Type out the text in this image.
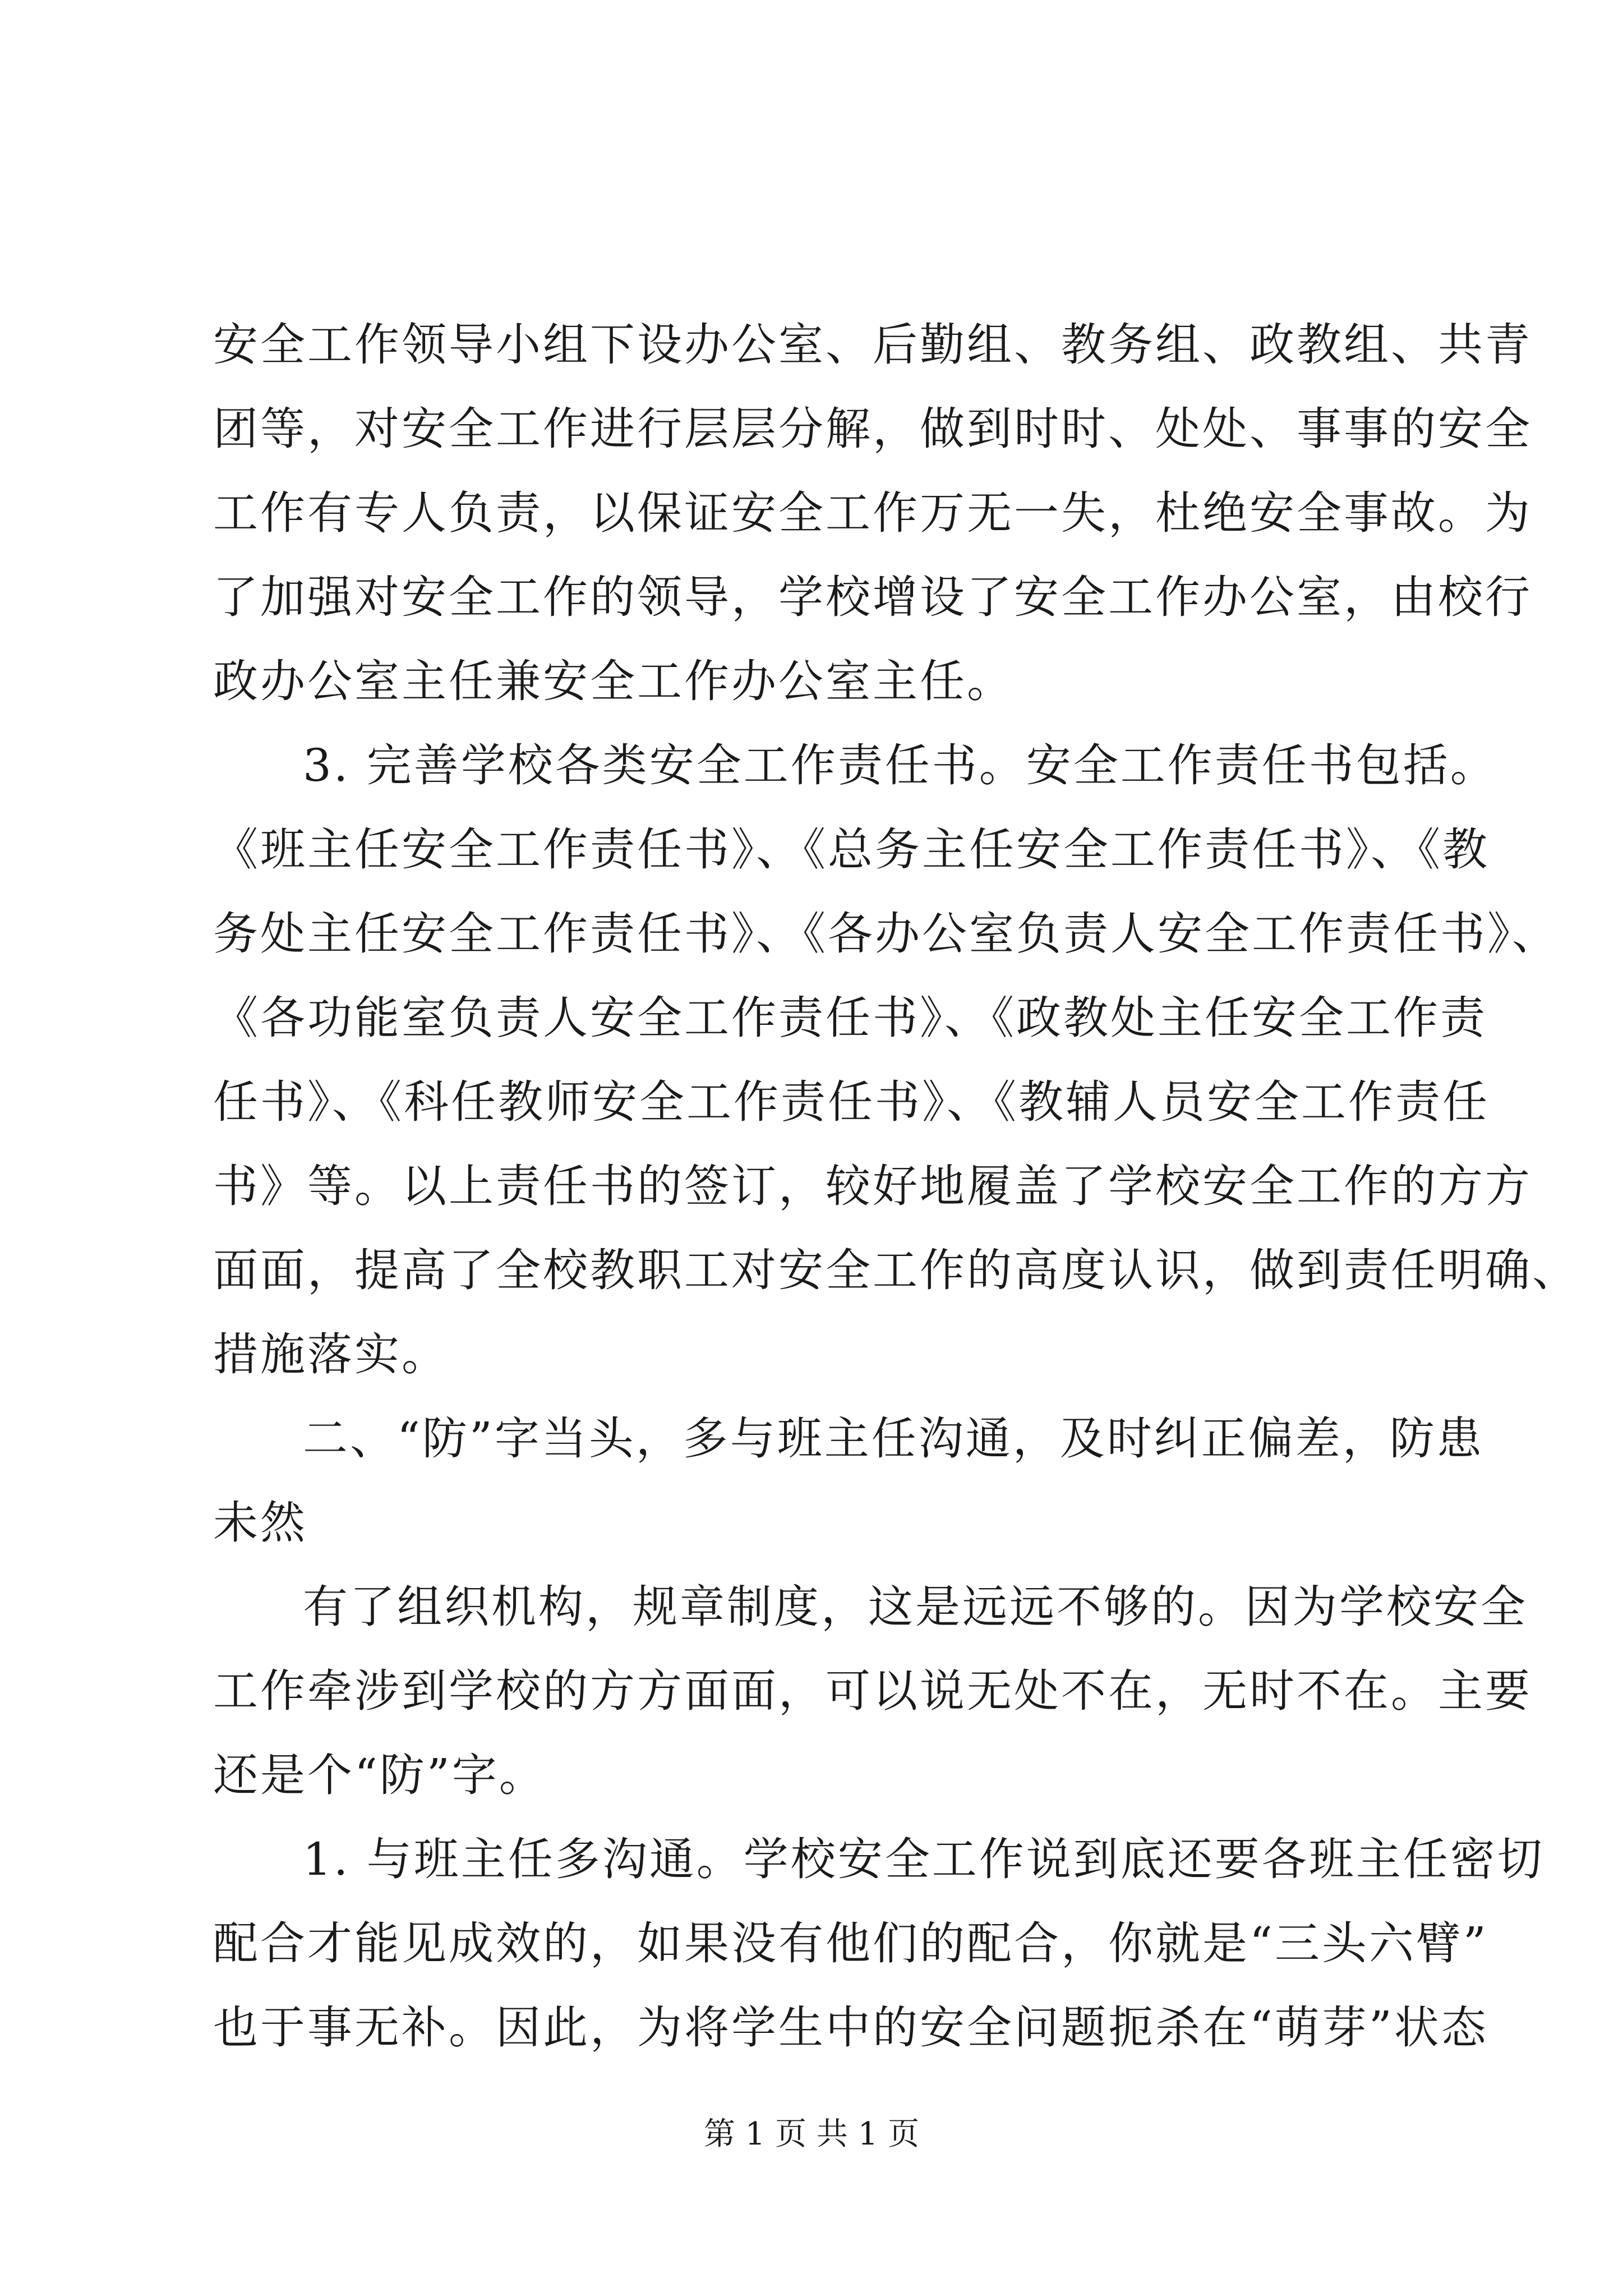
安全工作领导小组下设办公室、后勤组、教务组、政教组、共青
团等，对安全工作进行层层分解，做到时时、处处、事事的安全
工作有专人负责，以保证安全工作万无一失，杜绝安全事故。为
了加强对安全工作的领导，学校增设了安全工作办公室，由校行
政办公室主任兼安全工作办公室主任。
3. 完善学校各类安全工作责任书。安全工作责任书包括。
《班主任安全工作责任书》、《总务主任安全工作责任书》、《教
务处主任安全工作责任书》、《各办公室负责人安全工作责任书》、
《各功能室负责人安全工作责任书》、《政教处主任安全工作责
任书》、《科任教师安全工作责任书》、《教辅人员安全工作责任
书》等。以上责任书的签订，较好地履盖了学校安全工作的方方
面面，提高了全校教职工对安全工作的高度认识，做到责任明确、
措施落实。
二、“防”字当头，多与班主任沟通，及时纠正偏差，防患
未然
有了组织机构，规章制度，这是远远不够的。因为学校安全
工作牵涉到学校的方方面面，可以说无处不在，无时不在。主要
还是个“防”字。
1. 与班主任多沟通。学校安全工作说到底还要各班主任密切
配合才能见成效的，如果没有他们的配合，你就是“三头六臂”
也于事无补。因此，为将学生中的安全问题扼杀在“萌芽”状态
第 1 页 共 1 页
